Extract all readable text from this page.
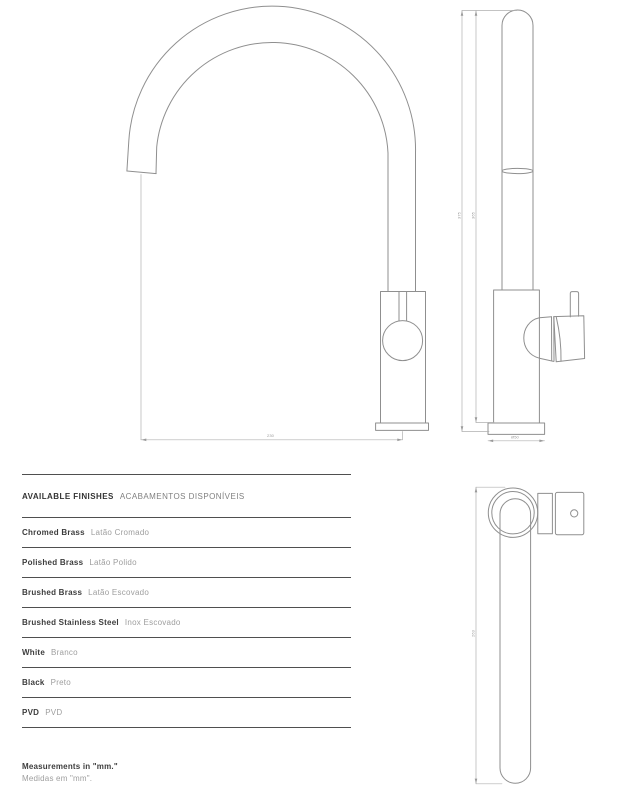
230
375 365
Ø50
263
AVAILABLE FINISHES ACABAMENTOS DISPONÍVEIS
Chromed Brass Latão Cromado
Polished Brass Latão Polido
Brushed Brass Latão Escovado
Brushed Stainless Steel Inox Escovado
White Branco
Black Preto
PVD PVD
Measurements in "mm."
Medidas em "mm".
